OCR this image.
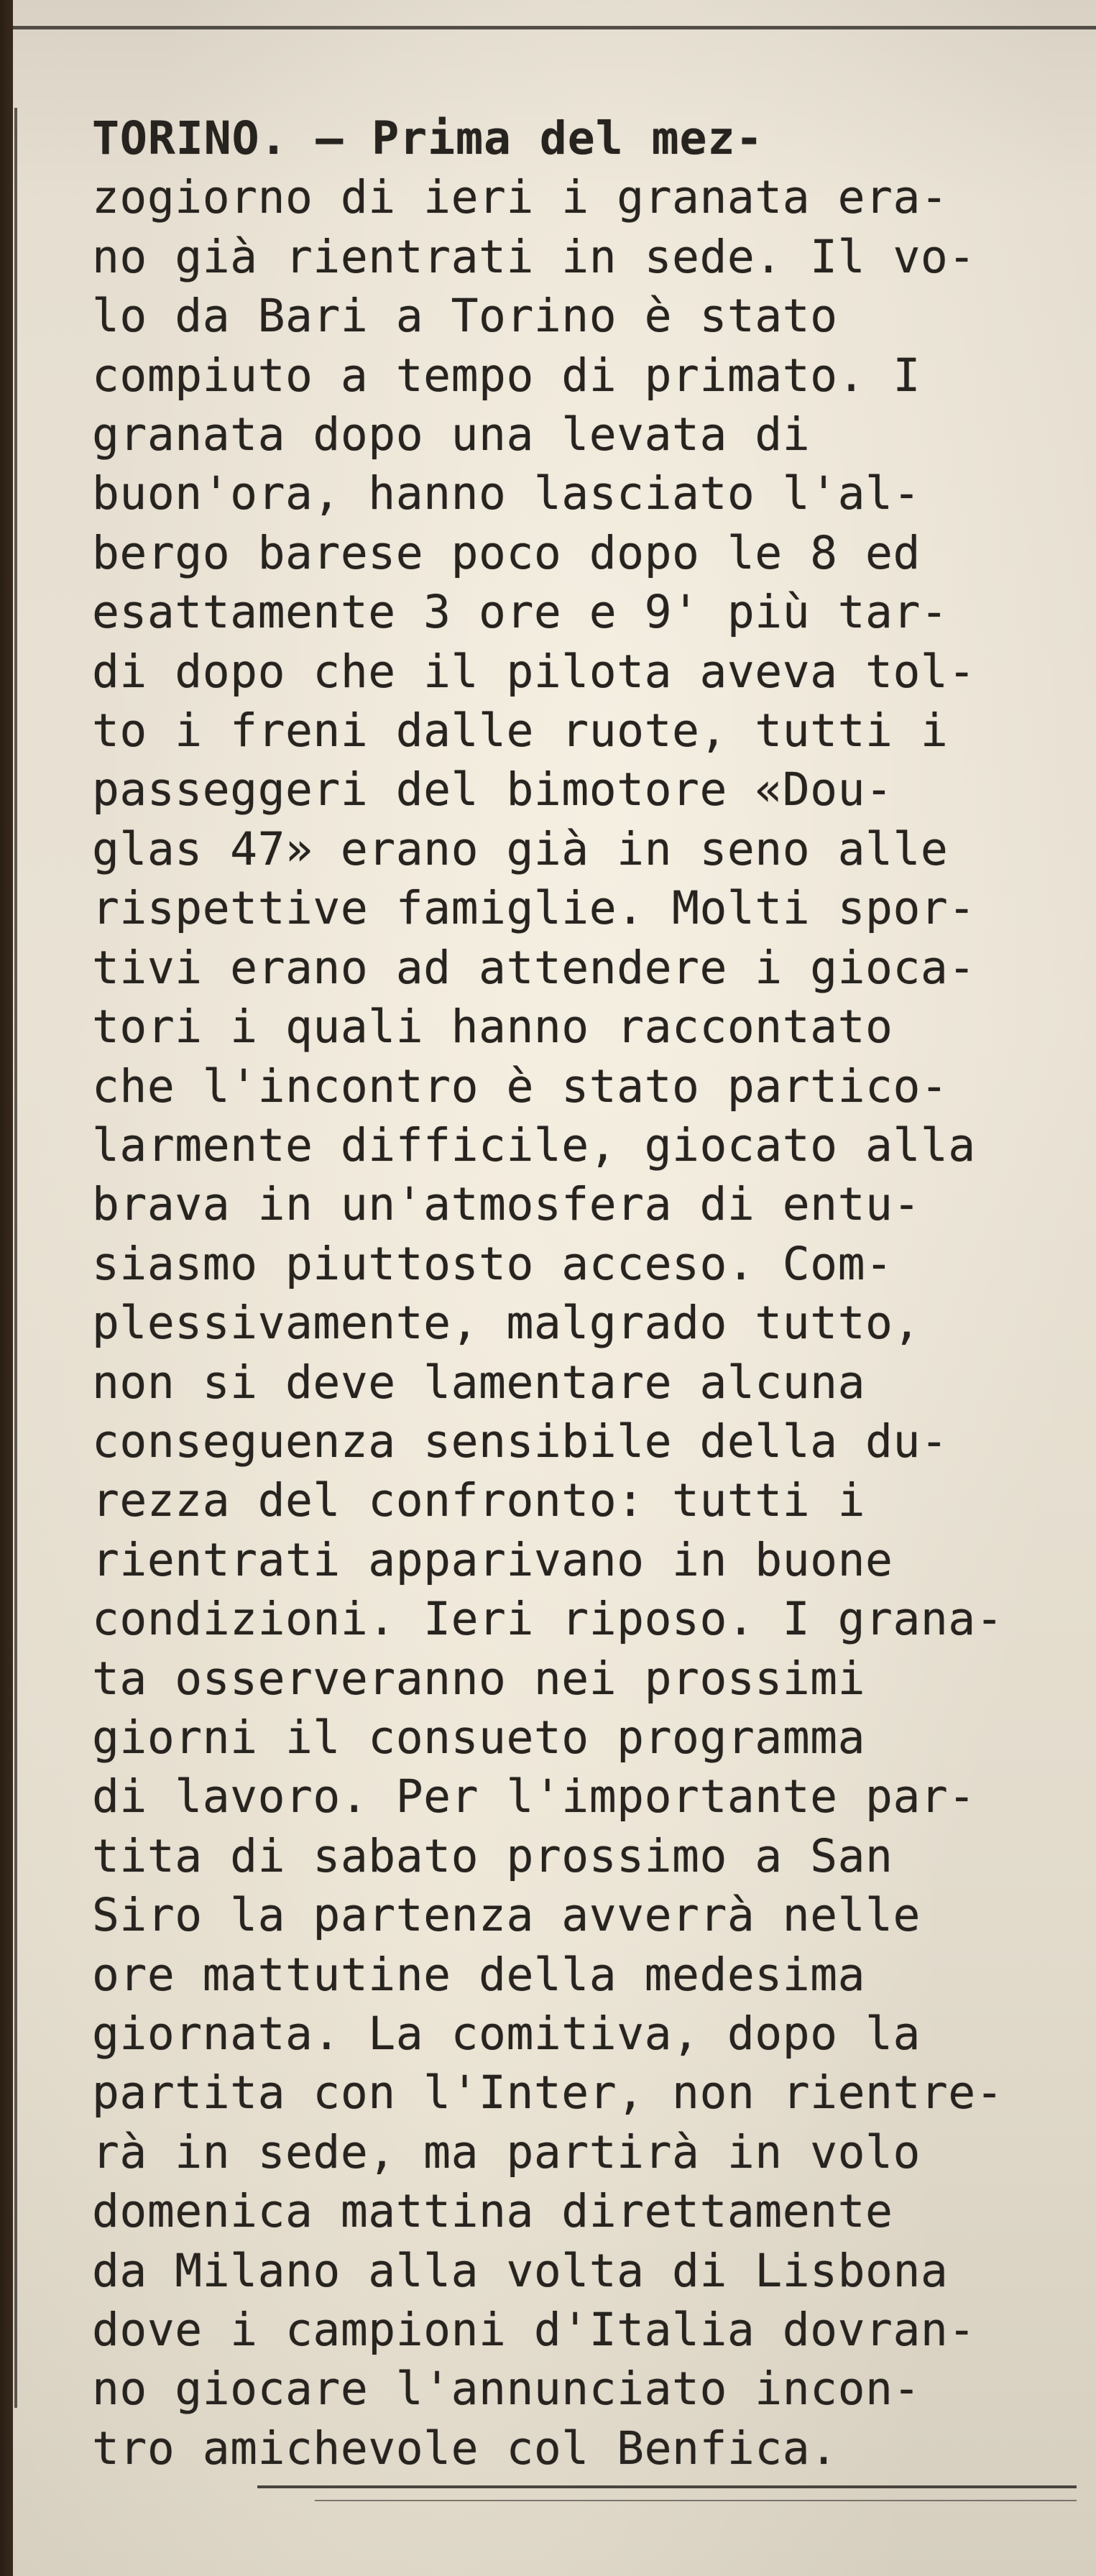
TORINO. — Prima del mez-
zogiorno di ieri i granata era-
no già rientrati in sede. Il vo-
lo da Bari a Torino è stato
compiuto a tempo di primato. I
granata dopo una levata di
buon'ora, hanno lasciato l'al-
bergo barese poco dopo le 8 ed
esattamente 3 ore e 9' più tar-
di dopo che il pilota aveva tol-
to i freni dalle ruote, tutti i
passeggeri del bimotore «Dou-
glas 47» erano già in seno alle
rispettive famiglie. Molti spor-
tivi erano ad attendere i gioca-
tori i quali hanno raccontato
che l'incontro è stato partico-
larmente difficile, giocato alla
brava in un'atmosfera di entu-
siasmo piuttosto acceso. Com-
plessivamente, malgrado tutto,
non si deve lamentare alcuna
conseguenza sensibile della du-
rezza del confronto: tutti i
rientrati apparivano in buone
condizioni. Ieri riposo. I grana-
ta osserveranno nei prossimi
giorni il consueto programma
di lavoro. Per l'importante par-
tita di sabato prossimo a San
Siro la partenza avverrà nelle
ore mattutine della medesima
giornata. La comitiva, dopo la
partita con l'Inter, non rientre-
rà in sede, ma partirà in volo
domenica mattina direttamente
da Milano alla volta di Lisbona
dove i campioni d'Italia dovran-
no giocare l'annunciato incon-
tro amichevole col Benfica.
